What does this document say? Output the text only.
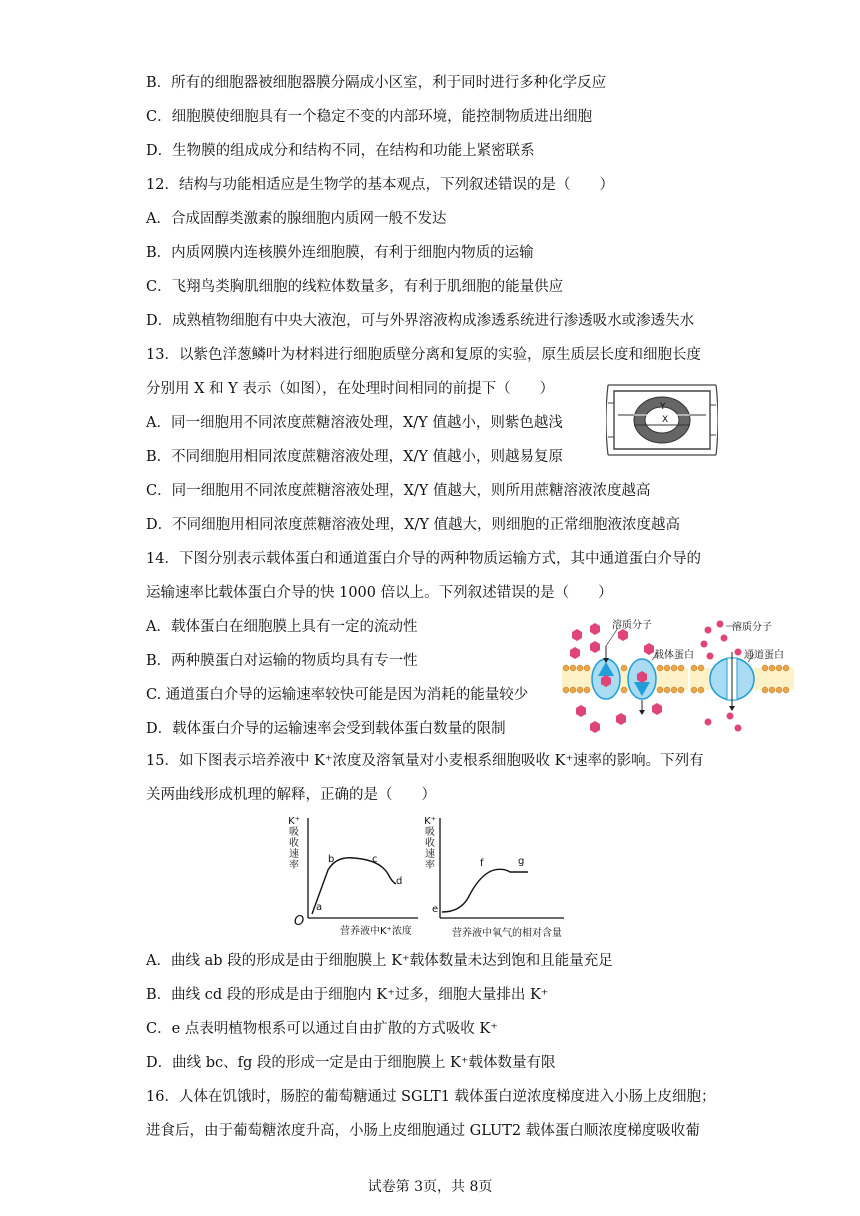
B．所有的细胞器被细胞器膜分隔成小区室，利于同时进行多种化学反应
C．细胞膜使细胞具有一个稳定不变的内部环境，能控制物质进出细胞
D．生物膜的组成成分和结构不同，在结构和功能上紧密联系
12．结构与功能相适应是生物学的基本观点，下列叙述错误的是（　　）
A．合成固醇类激素的腺细胞内质网一般不发达
B．内质网膜内连核膜外连细胞膜，有利于细胞内物质的运输
C．飞翔鸟类胸肌细胞的线粒体数量多，有利于肌细胞的能量供应
D．成熟植物细胞有中央大液泡，可与外界溶液构成渗透系统进行渗透吸水或渗透失水
13．以紫色洋葱鳞叶为材料进行细胞质壁分离和复原的实验，原生质层长度和细胞长度
分别用 X 和 Y 表示（如图），在处理时间相同的前提下（　　）
A．同一细胞用不同浓度蔗糖溶液处理，X/Y 值越小，则紫色越浅
B．不同细胞用相同浓度蔗糖溶液处理，X/Y 值越小，则越易复原
C．同一细胞用不同浓度蔗糖溶液处理，X/Y 值越大，则所用蔗糖溶液浓度越高
D．不同细胞用相同浓度蔗糖溶液处理，X/Y 值越大，则细胞的正常细胞液浓度越高
Y
X
14．下图分别表示载体蛋白和通道蛋白介导的两种物质运输方式，其中通道蛋白介导的
运输速率比载体蛋白介导的快 1000 倍以上。下列叙述错误的是（　　）
A．载体蛋白在细胞膜上具有一定的流动性
B．两种膜蛋白对运输的物质均具有专一性
C. 通道蛋白介导的运输速率较快可能是因为消耗的能量较少
D．载体蛋白介导的运输速率会受到载体蛋白数量的限制
溶质分子
载体蛋白
溶质分子
通道蛋白
15．如下图表示培养液中 K⁺浓度及溶氧量对小麦根系细胞吸收 K⁺速率的影响。下列有
关两曲线形成机理的解释，正确的是（　　）
K⁺
吸
收
速
率
O
a
b	c
d
营养液中K⁺浓度
K⁺
吸
收
速
率
e
f	g
营养液中氧气的相对含量
A．曲线 ab 段的形成是由于细胞膜上 K⁺载体数量未达到饱和且能量充足
B．曲线 cd 段的形成是由于细胞内 K⁺过多，细胞大量排出 K⁺
C．e 点表明植物根系可以通过自由扩散的方式吸收 K⁺
D．曲线 bc、fg 段的形成一定是由于细胞膜上 K⁺载体数量有限
16．人体在饥饿时，肠腔的葡萄糖通过 SGLT1 载体蛋白逆浓度梯度进入小肠上皮细胞；
进食后，由于葡萄糖浓度升高，小肠上皮细胞通过 GLUT2 载体蛋白顺浓度梯度吸收葡
试卷第 3页，共 8页
